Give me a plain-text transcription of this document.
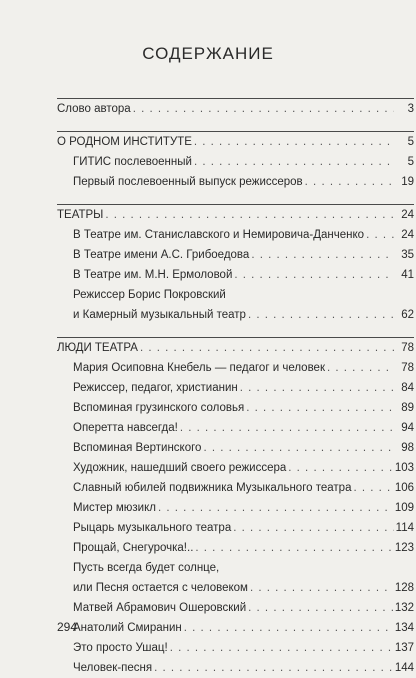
СОДЕРЖАНИЕ
Слово автора . . .	3
О РОДНОМ ИНСТИТУТЕ . . .	5
ГИТИС послевоенный . . .	5
Первый послевоенный выпуск режиссеров . . .	19
ТЕАТРЫ . . .	24
В Театре им. Станиславского и Немировича-Данченко . . .	24
В Театре имени А.С. Грибоедова . . .	35
В Театре им. М.Н. Ермоловой . . .	41
Режиссер Борис Покровский
и Камерный музыкальный театр . . .	62
ЛЮДИ ТЕАТРА . . .	78
Мария Осиповна Кнебель — педагог и человек . . .	78
Режиссер, педагог, христианин . . .	84
Вспоминая грузинского соловья . . .	89
Оперетта навсегда! . . .	94
Вспоминая Вертинского . . .	98
Художник, нашедший своего режиссера . . .	103
Славный юбилей подвижника Музыкального театра . . .	106
Мистер мюзикл . . .	109
Рыцарь музыкального театра . . .	114
Прощай, Снегурочка!.. . . .	123
Пусть всегда будет солнце,
или Песня остается с человеком . . .	128
Матвей Абрамович Ошеровский . . .	132
Анатолий Смиранин . . .	134
Это просто Ушац! . . .	137
Человек-песня . . .	144
294
